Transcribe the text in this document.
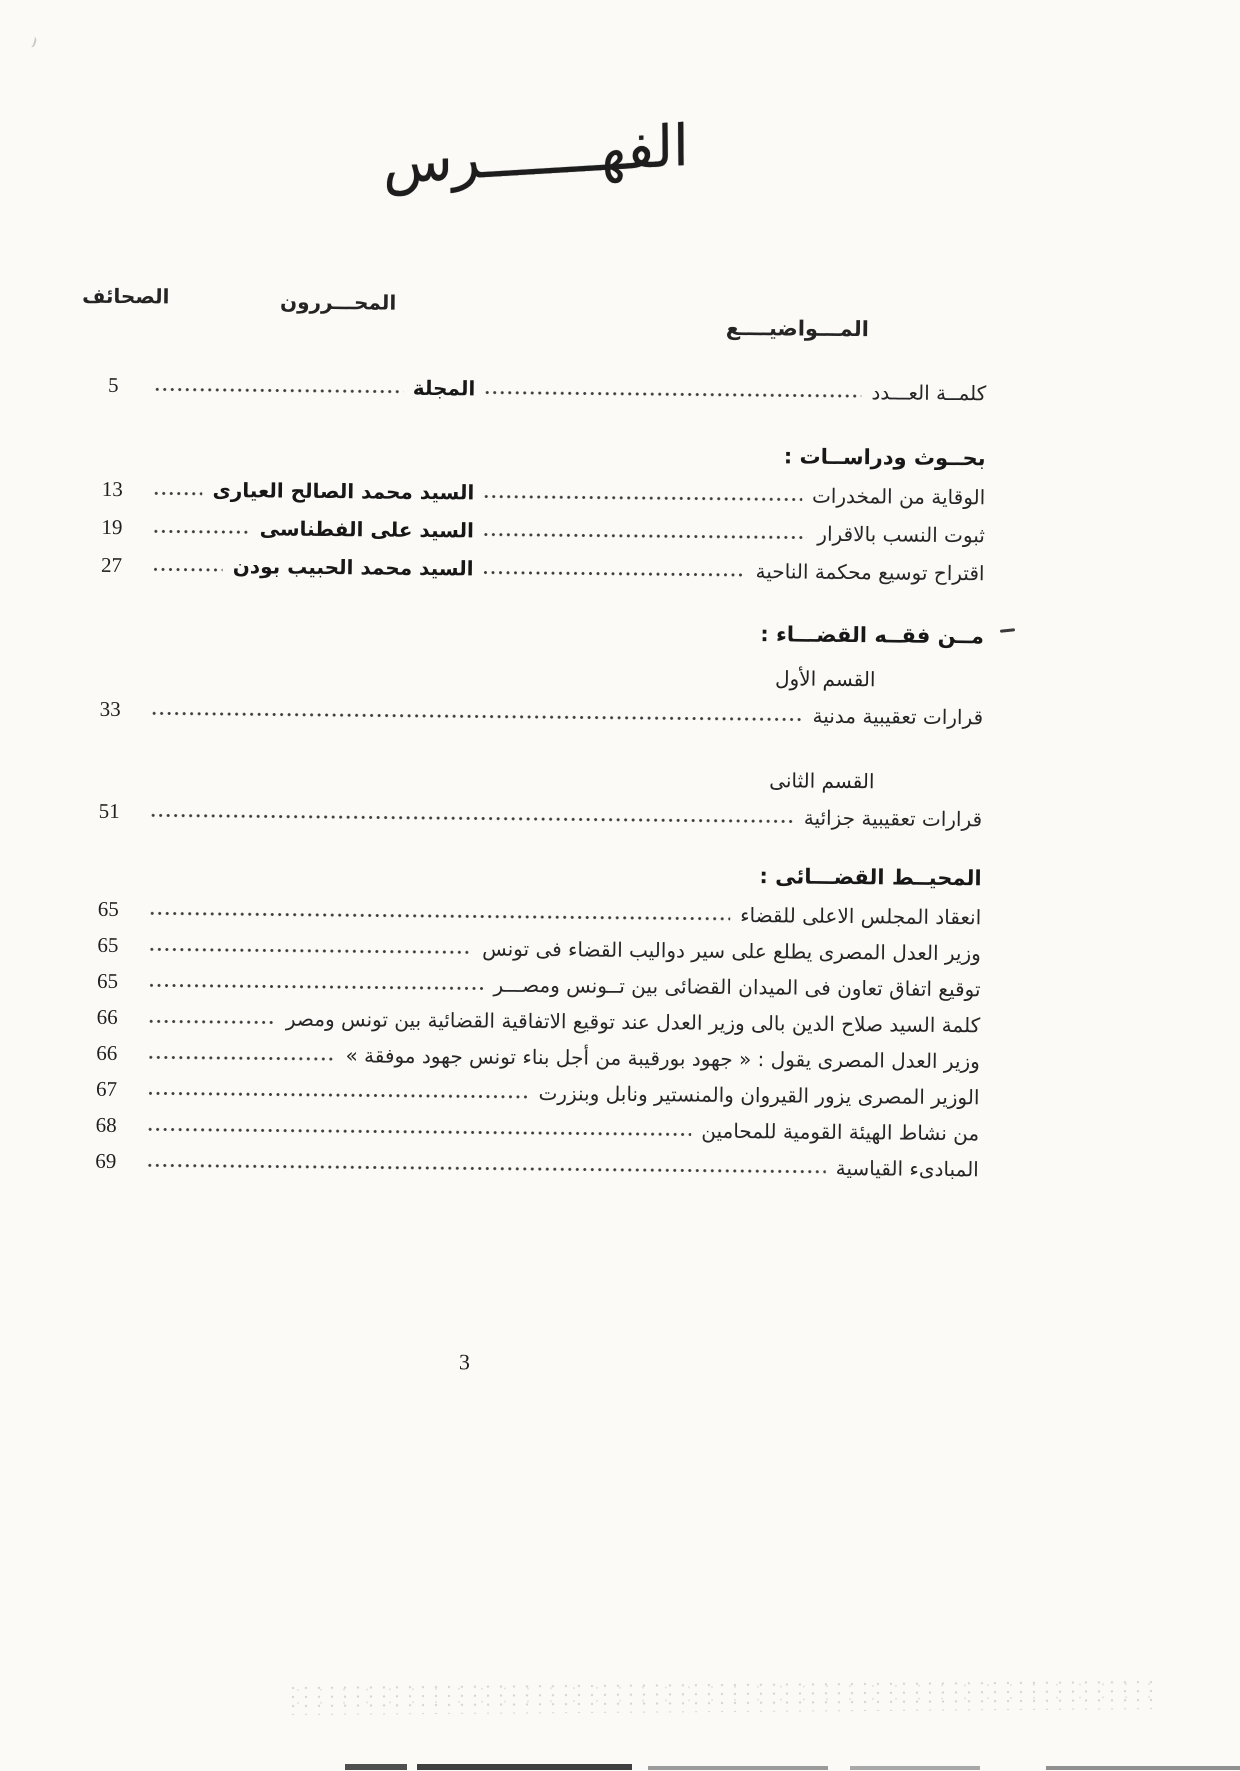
الفهـــــــرس
الصحائف	المحـــررون
المـــواضيــــع
كلمــة العـــدد
المجلة
5
بحــوث ودراســات :
الوقاية من المخدرات
السيد محمد الصالح العيارى
13
ثبوت النسب بالاقرار
السيد على الفطناسى
19
اقتراح توسيع محكمة الناحية
السيد محمد الحبيب بودن
27
مــن فقــه القضـــاء :
القسم الأول
قرارات تعقيبية مدنية
33
القسم الثانى
قرارات تعقيبية جزائية
51
المحيــط القضـــائى :
انعقاد المجلس الاعلى للقضاء
65
وزير العدل المصرى يطلع على سير دواليب القضاء فى تونس
65
توقيع اتفاق تعاون فى الميدان القضائى بين تــونس ومصـــر
65
كلمة السيد صلاح الدين بالى وزير العدل عند توقيع الاتفاقية القضائية بين تونس ومصر
66
وزير العدل المصرى يقول : « جهود بورقيبة من أجل بناء تونس جهود موفقة »
66
الوزير المصرى يزور القيروان والمنستير ونابل وبنزرت
67
من نشاط الهيئة القومية للمحامين
68
المبادىء القياسية
69
3
